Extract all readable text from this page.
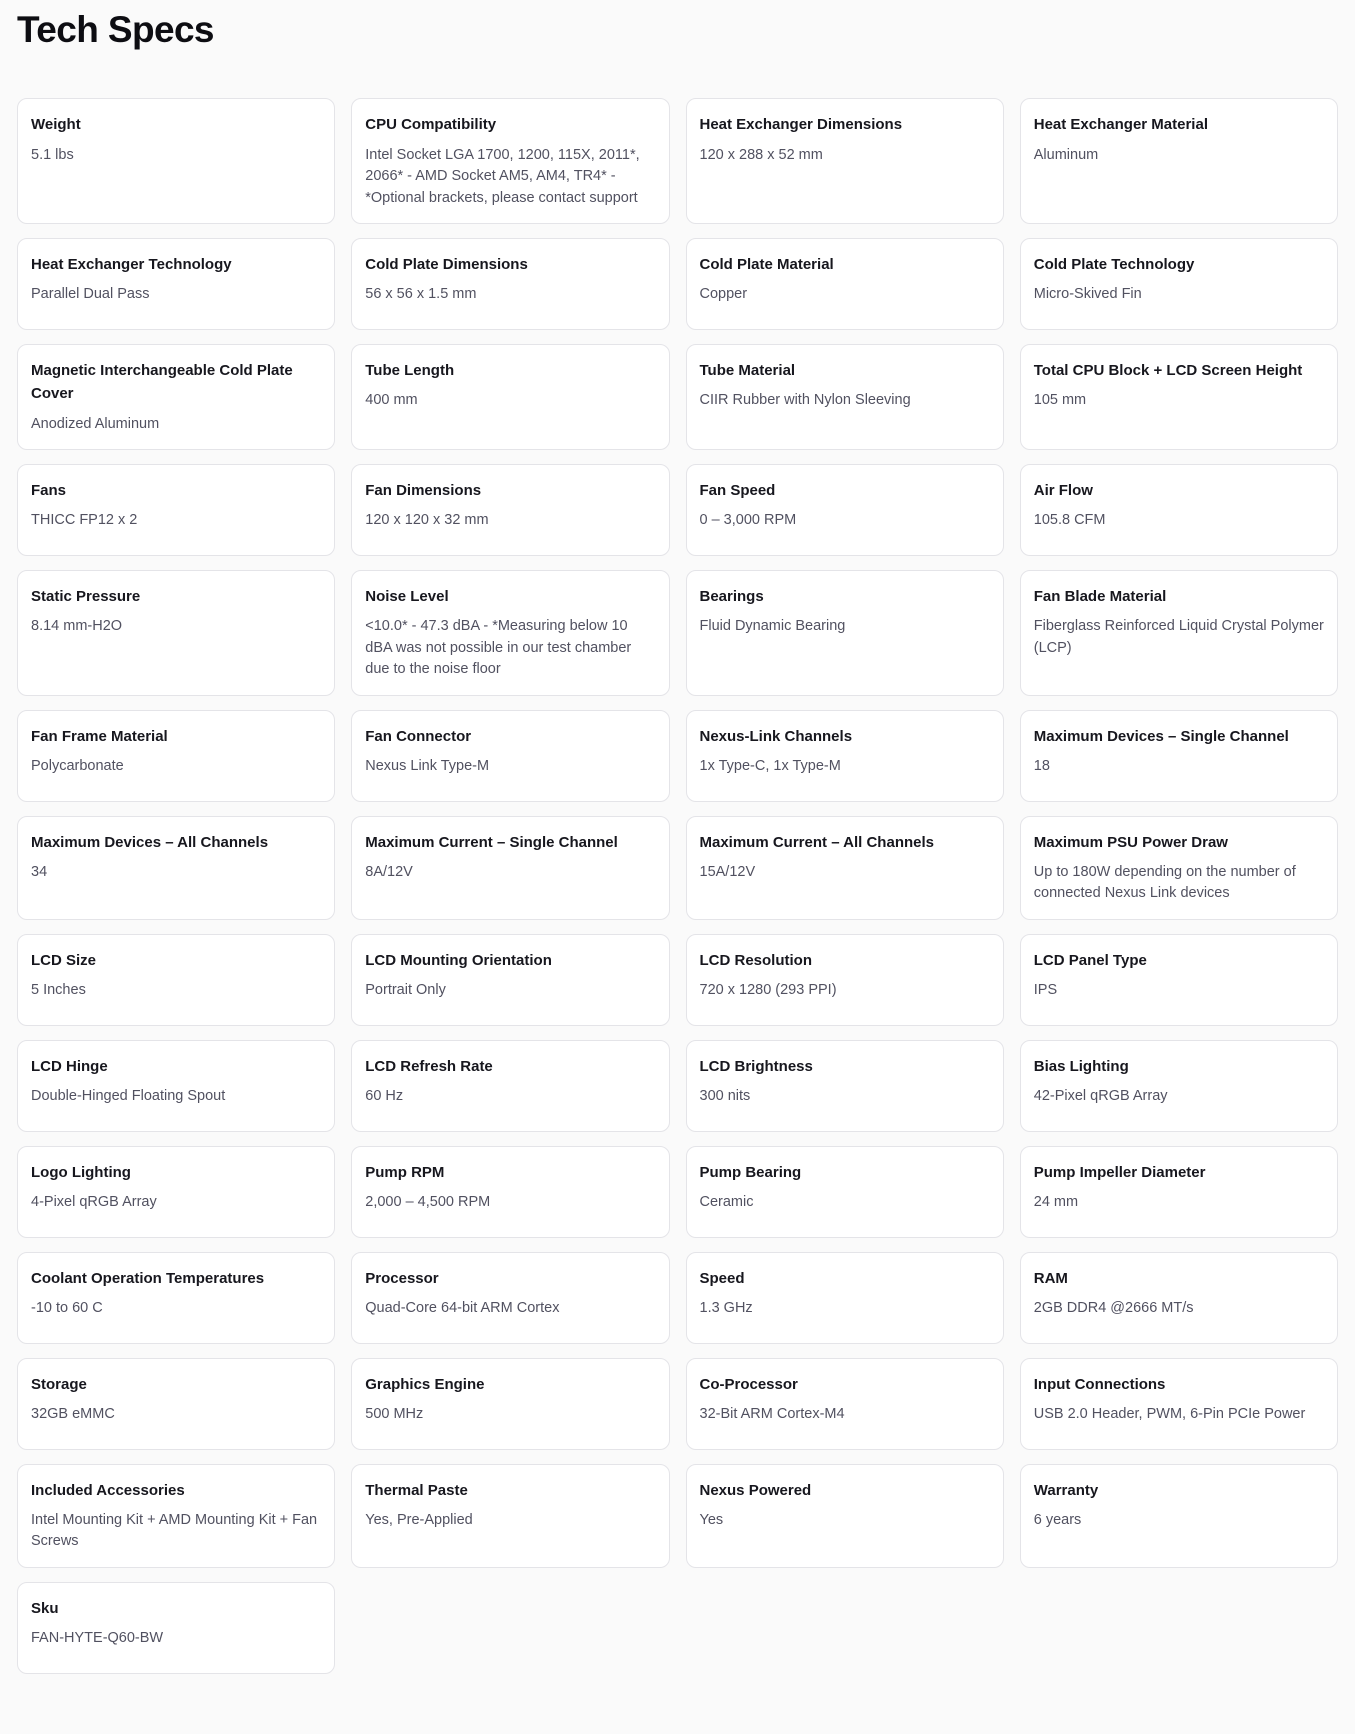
Tech Specs
Weight
5.1 lbs
CPU Compatibility
Intel Socket LGA 1700, 1200, 115X, 2011*, 2066* - AMD Socket AM5, AM4, TR4* - *Optional brackets, please contact support
Heat Exchanger Dimensions
120 x 288 x 52 mm
Heat Exchanger Material
Aluminum
Heat Exchanger Technology
Parallel Dual Pass
Cold Plate Dimensions
56 x 56 x 1.5 mm
Cold Plate Material
Copper
Cold Plate Technology
Micro-Skived Fin
Magnetic Interchangeable Cold Plate Cover
Anodized Aluminum
Tube Length
400 mm
Tube Material
CIIR Rubber with Nylon Sleeving
Total CPU Block + LCD Screen Height
105 mm
Fans
THICC FP12 x 2
Fan Dimensions
120 x 120 x 32 mm
Fan Speed
0 – 3,000 RPM
Air Flow
105.8 CFM
Static Pressure
8.14 mm-H2O
Noise Level
<10.0* - 47.3 dBA - *Measuring below 10 dBA was not possible in our test chamber due to the noise floor
Bearings
Fluid Dynamic Bearing
Fan Blade Material
Fiberglass Reinforced Liquid Crystal Polymer (LCP)
Fan Frame Material
Polycarbonate
Fan Connector
Nexus Link Type-M
Nexus-Link Channels
1x Type-C, 1x Type-M
Maximum Devices – Single Channel
18
Maximum Devices – All Channels
34
Maximum Current – Single Channel
8A/12V
Maximum Current – All Channels
15A/12V
Maximum PSU Power Draw
Up to 180W depending on the number of connected Nexus Link devices
LCD Size
5 Inches
LCD Mounting Orientation
Portrait Only
LCD Resolution
720 x 1280 (293 PPI)
LCD Panel Type
IPS
LCD Hinge
Double-Hinged Floating Spout
LCD Refresh Rate
60 Hz
LCD Brightness
300 nits
Bias Lighting
42-Pixel qRGB Array
Logo Lighting
4-Pixel qRGB Array
Pump RPM
2,000 – 4,500 RPM
Pump Bearing
Ceramic
Pump Impeller Diameter
24 mm
Coolant Operation Temperatures
-10 to 60 C
Processor
Quad-Core 64-bit ARM Cortex
Speed
1.3 GHz
RAM
2GB DDR4 @2666 MT/s
Storage
32GB eMMC
Graphics Engine
500 MHz
Co-Processor
32-Bit ARM Cortex-M4
Input Connections
USB 2.0 Header, PWM, 6-Pin PCIe Power
Included Accessories
Intel Mounting Kit + AMD Mounting Kit + Fan Screws
Thermal Paste
Yes, Pre-Applied
Nexus Powered
Yes
Warranty
6 years
Sku
FAN-HYTE-Q60-BW
